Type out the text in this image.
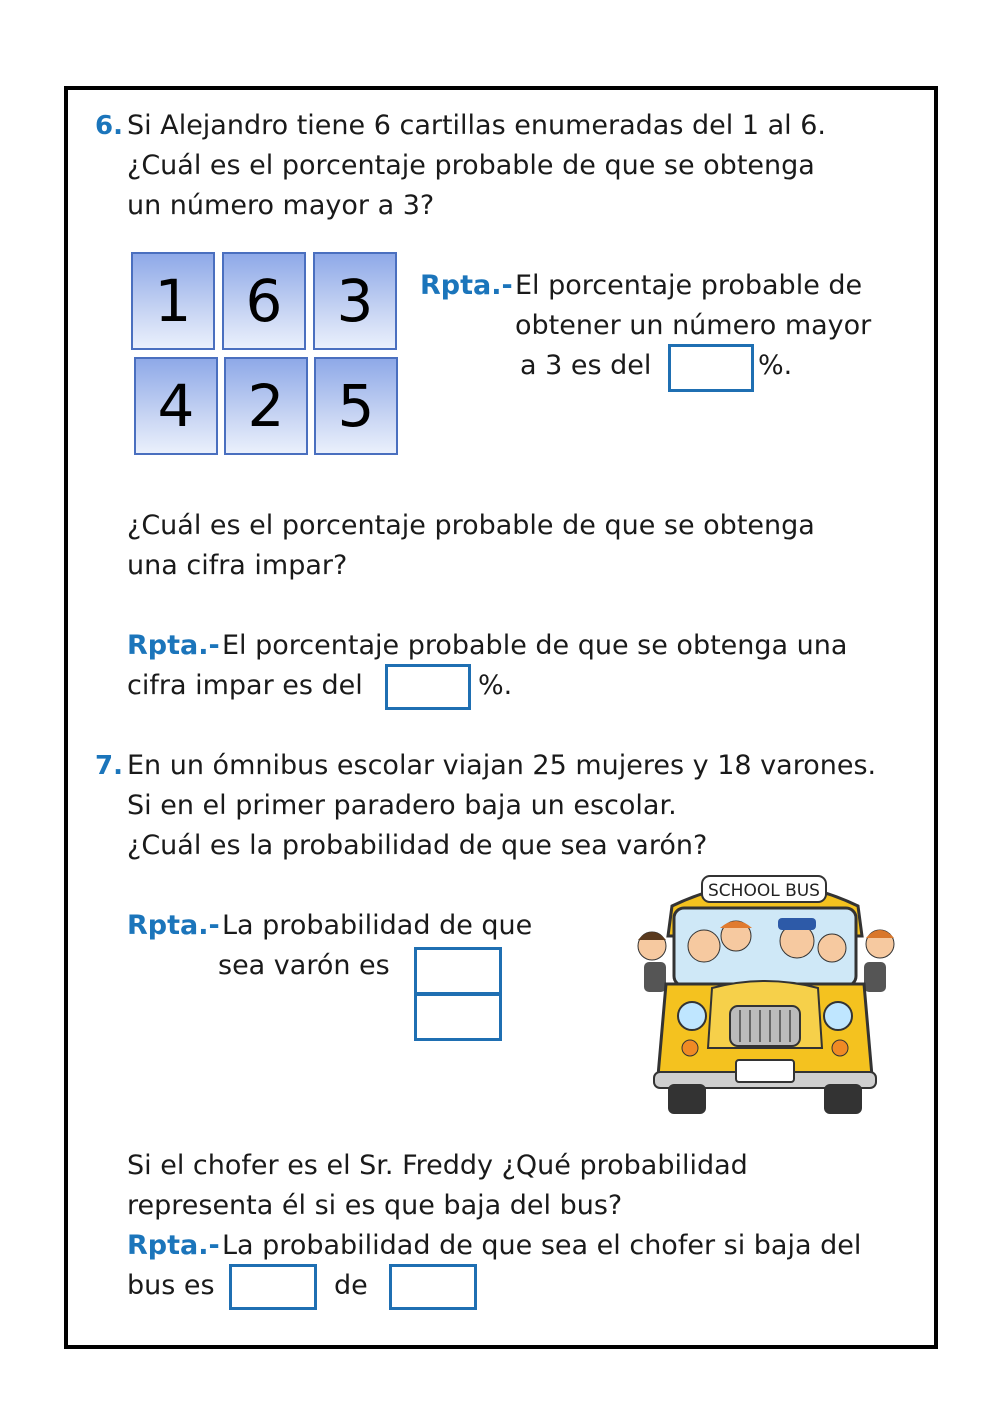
6. Si Alejandro tiene 6 cartillas enumeradas del 1 al 6.
¿Cuál es el porcentaje probable de que se obtenga
un número mayor a 3?
1 6 3
4 2 5
Rpta.- El porcentaje probable de
obtener un número mayor
a 3 es del	%.
¿Cuál es el porcentaje probable de que se obtenga
una cifra impar?
Rpta.- El porcentaje probable de que se obtenga una
cifra impar es del	%.
7. En un ómnibus escolar viajan 25 mujeres y 18 varones.
Si en el primer paradero baja un escolar.
¿Cuál es la probabilidad de que sea varón?
Rpta.- La probabilidad de que
sea varón es
SCHOOL BUS
Si el chofer es el Sr. Freddy ¿Qué probabilidad
representa él si es que baja del bus?
Rpta.- La probabilidad de que sea el chofer si baja del
bus es	de
